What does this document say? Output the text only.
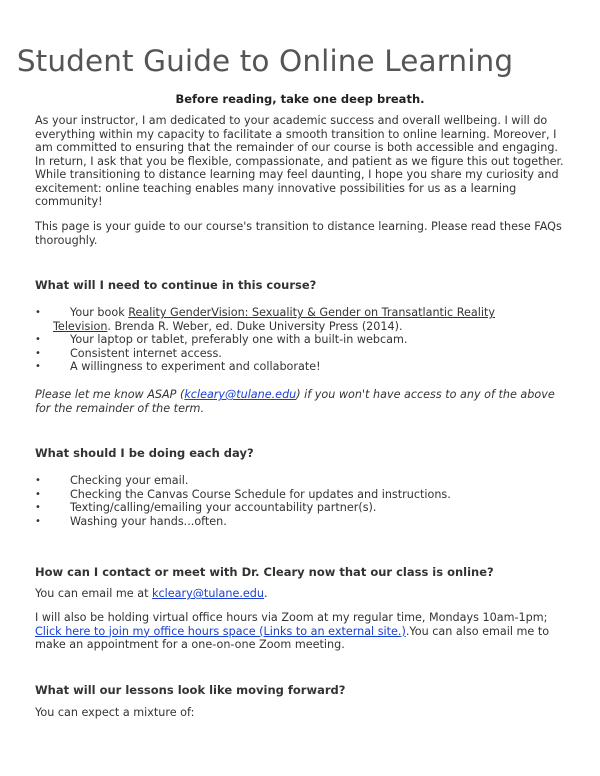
Student Guide to Online Learning
Before reading, take one deep breath.

As your instructor, I am dedicated to your academic success and overall wellbeing. I will do everything within my capacity to facilitate a smooth transition to online learning. Moreover, I am committed to ensuring that the remainder of our course is both accessible and engaging. In return, I ask that you be flexible, compassionate, and patient as we figure this out together. While transitioning to distance learning may feel daunting, I hope you share my curiosity and excitement: online teaching enables many innovative possibilities for us as a learning community!

This page is your guide to our course's transition to distance learning. Please read these FAQs thoroughly.

What will I need to continue in this course?

•	Your book Reality GenderVision: Sexuality & Gender on Transatlantic Reality
Television. Brenda R. Weber, ed. Duke University Press (2014).
•	Your laptop or tablet, preferably one with a built-in webcam.
•	Consistent internet access.
•	A willingness to experiment and collaborate!

Please let me know ASAP (kcleary@tulane.edu) if you won't have access to any of the above for the remainder of the term.

What should I be doing each day?

•	Checking your email.
•	Checking the Canvas Course Schedule for updates and instructions.
•	Texting/calling/emailing your accountability partner(s).
•	Washing your hands...often.

How can I contact or meet with Dr. Cleary now that our class is online?

You can email me at kcleary@tulane.edu.

I will also be holding virtual office hours via Zoom at my regular time, Mondays 10am-1pm; Click here to join my office hours space (Links to an external site.).You can also email me to make an appointment for a one-on-one Zoom meeting.

What will our lessons look like moving forward?

You can expect a mixture of:
